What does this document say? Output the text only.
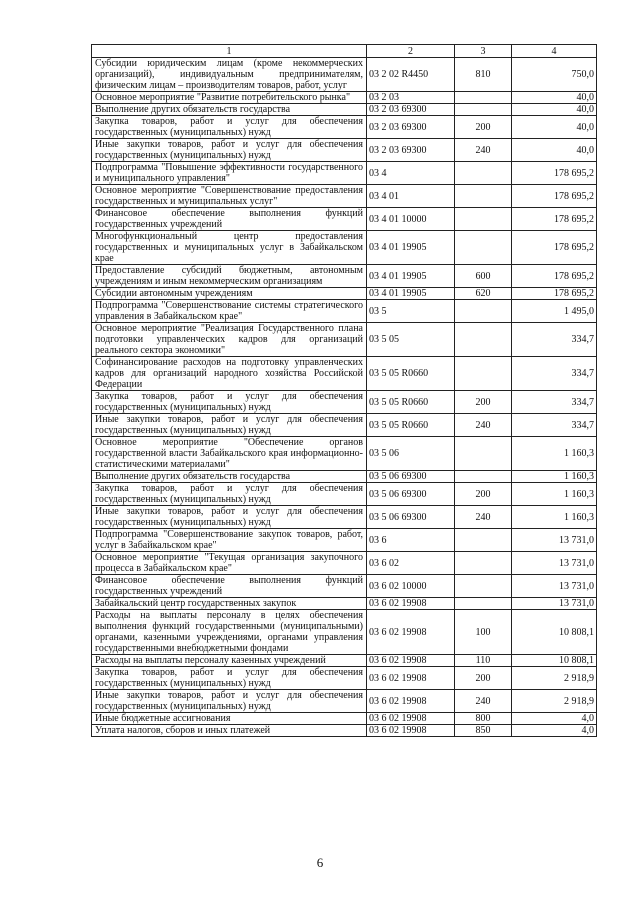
1	2	3	4
Субсидии юридическим лицам (кроме некоммерческих организаций), индивидуальным предпринимателям, физическим лицам – производителям товаров, работ, услуг	03 2 02 R4450	810	750,0
Основное мероприятие "Развитие потребительского рынка"	03 2 03		40,0
Выполнение других обязательств государства	03 2 03 69300		40,0
Закупка товаров, работ и услуг для обеспечения государственных (муниципальных) нужд	03 2 03 69300	200	40,0
Иные закупки товаров, работ и услуг для обеспечения государственных (муниципальных) нужд	03 2 03 69300	240	40,0
Подпрограмма "Повышение эффективности государственного и муниципального управления"	03 4		178 695,2
Основное мероприятие "Совершенствование предоставления государственных и муниципальных услуг"	03 4 01		178 695,2
Финансовое обеспечение выполнения функций государственных учреждений	03 4 01 10000		178 695,2
Многофункциональный центр предоставления государственных и муниципальных услуг в Забайкальском крае	03 4 01 19905		178 695,2
Предоставление субсидий бюджетным, автономным учреждениям и иным некоммерческим организациям	03 4 01 19905	600	178 695,2
Субсидии автономным учреждениям	03 4 01 19905	620	178 695,2
Подпрограмма "Совершенствование системы стратегического управления в Забайкальском крае"	03 5		1 495,0
Основное мероприятие "Реализация Государственного плана подготовки управленческих кадров для организаций реального сектора экономики"	03 5 05		334,7
Софинансирование расходов на подготовку управленческих кадров для организаций народного хозяйства Российской Федерации	03 5 05 R0660		334,7
Закупка товаров, работ и услуг для обеспечения государственных (муниципальных) нужд	03 5 05 R0660	200	334,7
Иные закупки товаров, работ и услуг для обеспечения государственных (муниципальных) нужд	03 5 05 R0660	240	334,7
Основное мероприятие "Обеспечение органов государственной власти Забайкальского края информационно-статистическими материалами"	03 5 06		1 160,3
Выполнение других обязательств государства	03 5 06 69300		1 160,3
Закупка товаров, работ и услуг для обеспечения государственных (муниципальных) нужд	03 5 06 69300	200	1 160,3
Иные закупки товаров, работ и услуг для обеспечения государственных (муниципальных) нужд	03 5 06 69300	240	1 160,3
Подпрограмма "Совершенствование закупок товаров, работ, услуг в Забайкальском крае"	03 6		13 731,0
Основное мероприятие "Текущая организация закупочного процесса в Забайкальском крае"	03 6 02		13 731,0
Финансовое обеспечение выполнения функций государственных учреждений	03 6 02 10000		13 731,0
Забайкальский центр государственных закупок	03 6 02 19908		13 731,0
Расходы на выплаты персоналу в целях обеспечения выполнения функций государственными (муниципальными) органами, казенными учреждениями, органами управления государственными внебюджетными фондами	03 6 02 19908	100	10 808,1
Расходы на выплаты персоналу казенных учреждений	03 6 02 19908	110	10 808,1
Закупка товаров, работ и услуг для обеспечения государственных (муниципальных) нужд	03 6 02 19908	200	2 918,9
Иные закупки товаров, работ и услуг для обеспечения государственных (муниципальных) нужд	03 6 02 19908	240	2 918,9
Иные бюджетные ассигнования	03 6 02 19908	800	4,0
Уплата налогов, сборов и иных платежей	03 6 02 19908	850	4,0
6
